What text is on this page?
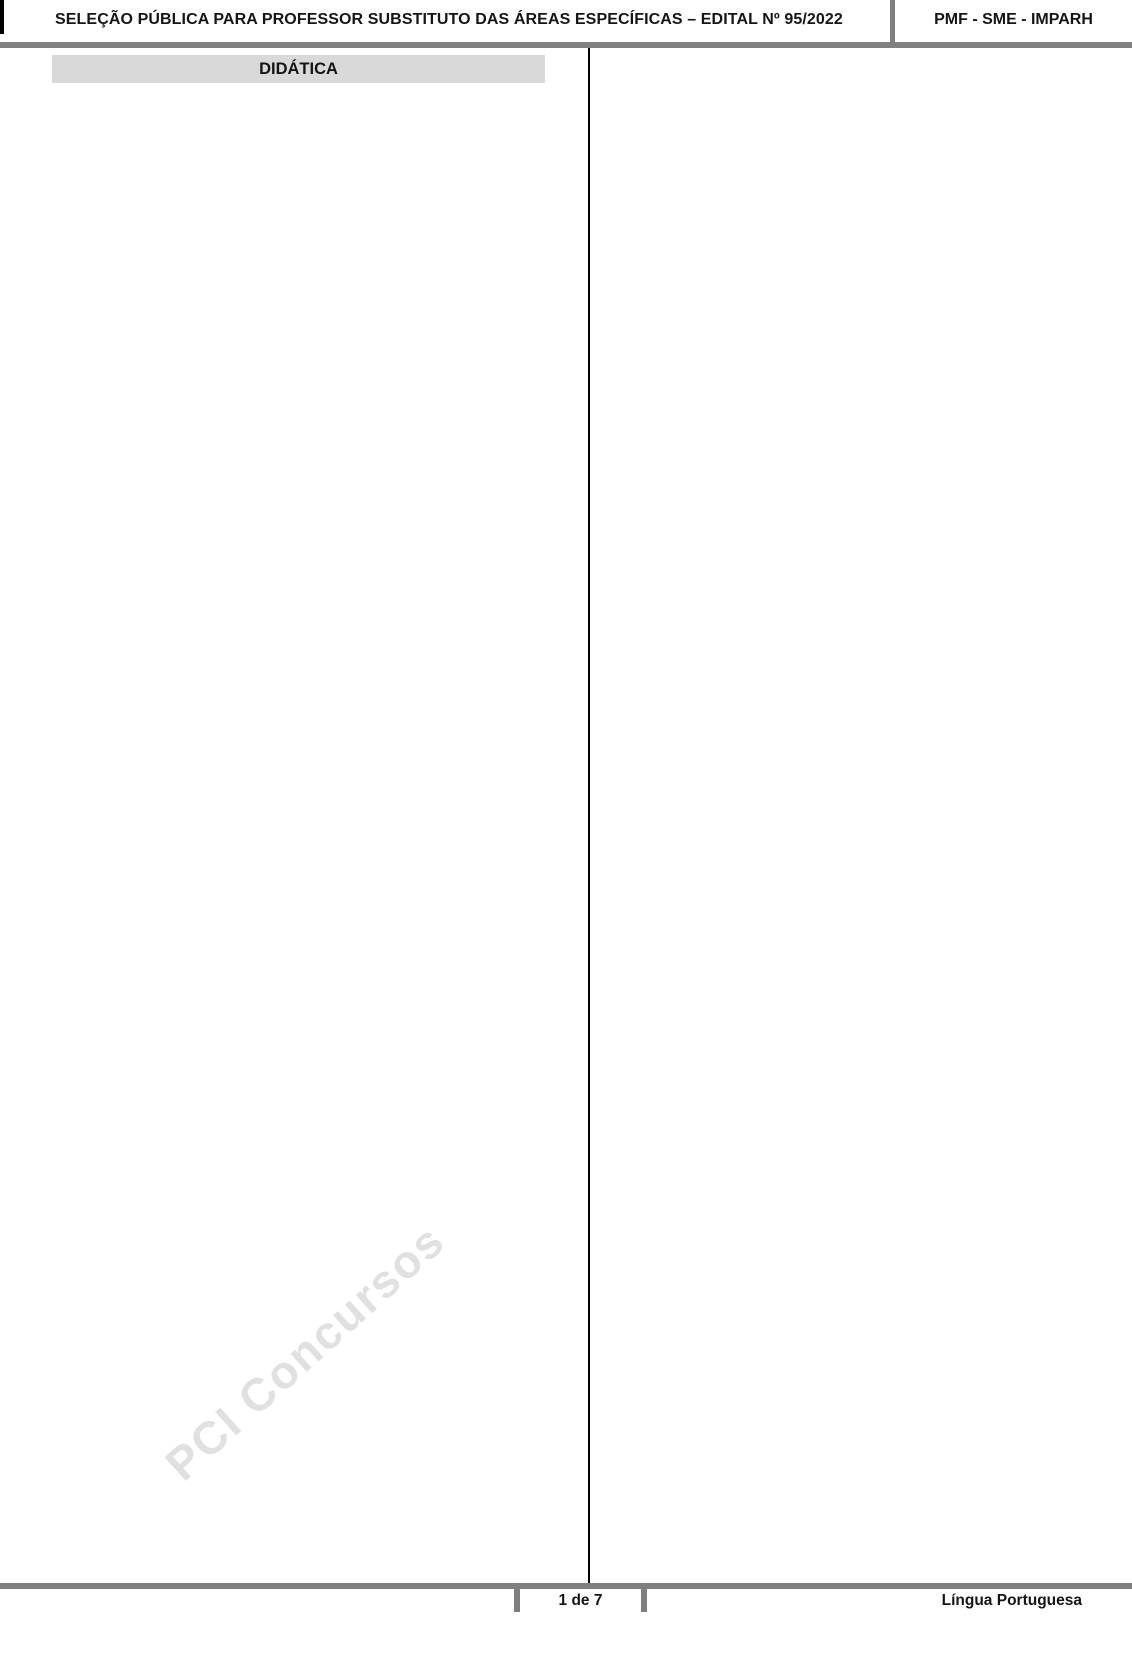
SELEÇÃO PÚBLICA PARA PROFESSOR SUBSTITUTO DAS ÁREAS ESPECÍFICAS – EDITAL Nº 95/2022	PMF - SME - IMPARH
PCI Concursos
DIDÁTICA
1 de 7	Língua Portuguesa
